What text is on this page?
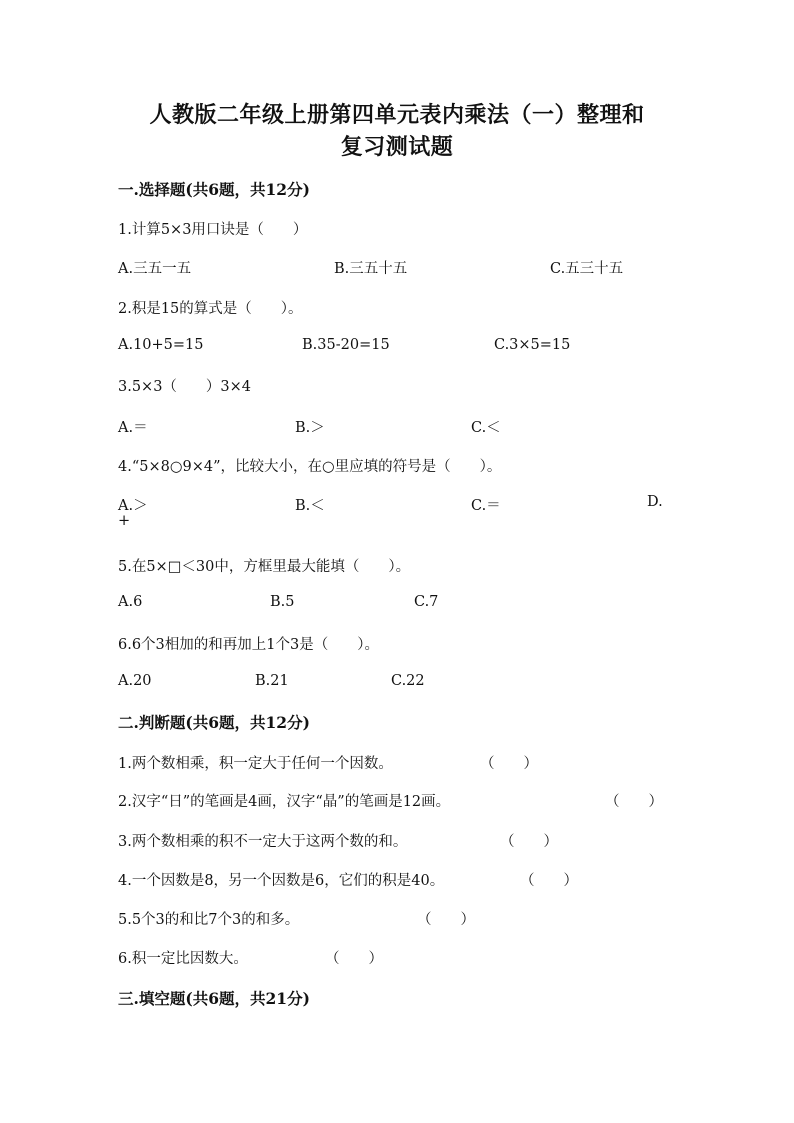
人教版二年级上册第四单元表内乘法（一）整理和
复习测试题
一.选择题(共6题，共12分)
1.计算5×3用口诀是（　　）
A.三五一五	B.三五十五	C.五三十五
2.积是15的算式是（　　）。
A.10+5=15	B.35-20=15	C.3×5=15
3.5×3（　　）3×4
A.＝	B.＞	C.＜
4.“5×8○9×4”，比较大小，在○里应填的符号是（　　）。
A.＞	B.＜	C.＝	D.
+
5.在5×□＜30中，方框里最大能填（　　）。
A.6	B.5	C.7
6.6个3相加的和再加上1个3是（　　）。
A.20	B.21	C.22
二.判断题(共6题，共12分)
1.两个数相乘，积一定大于任何一个因数。	（　　）
2.汉字“日”的笔画是4画，汉字“晶”的笔画是12画。	（　　）
3.两个数相乘的积不一定大于这两个数的和。	（　　）
4.一个因数是8，另一个因数是6，它们的积是40。	（　　）
5.5个3的和比7个3的和多。	（　　）
6.积一定比因数大。	（　　）
三.填空题(共6题，共21分)
